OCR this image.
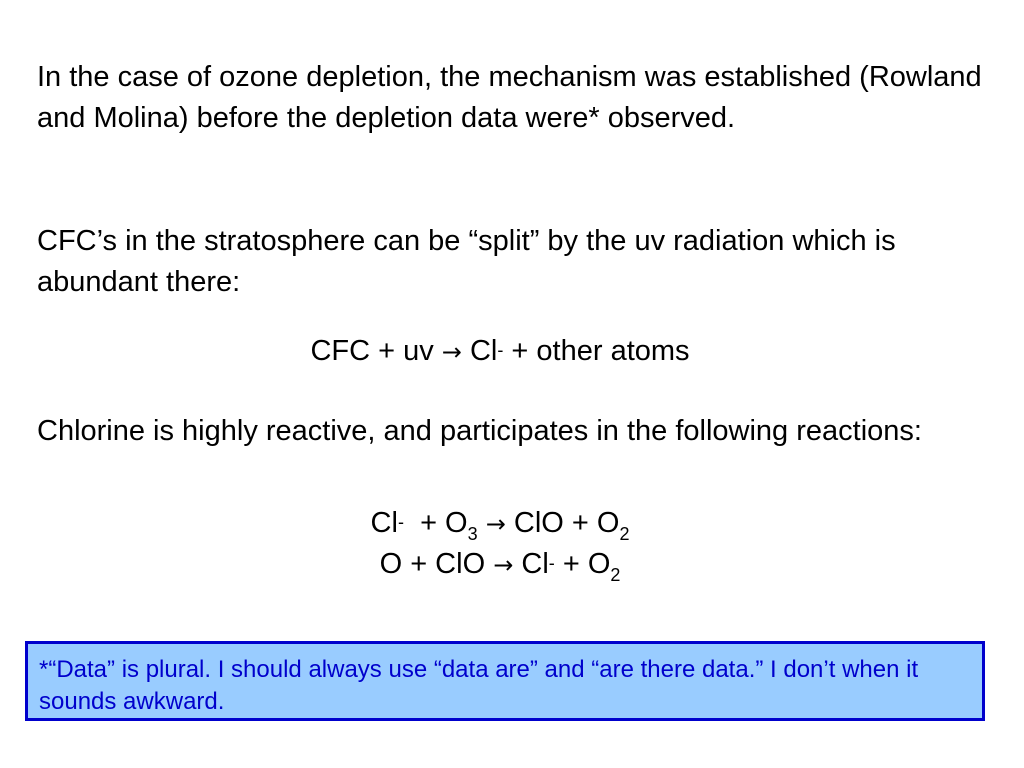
In the case of ozone depletion, the mechanism was established (Rowland and Molina) before the depletion data were* observed.

CFC’s in the stratosphere can be “split” by the uv radiation which is abundant there:

CFC + uv → Cl- + other atoms

Chlorine is highly reactive, and participates in the following reactions:

$Cl^- + O_3$ → ClO + $O_2$
O + ClO → $Cl^- + O_2$
*“Data” is plural. I should always use “data are” and “are there data.” I don’t when it sounds awkward.
